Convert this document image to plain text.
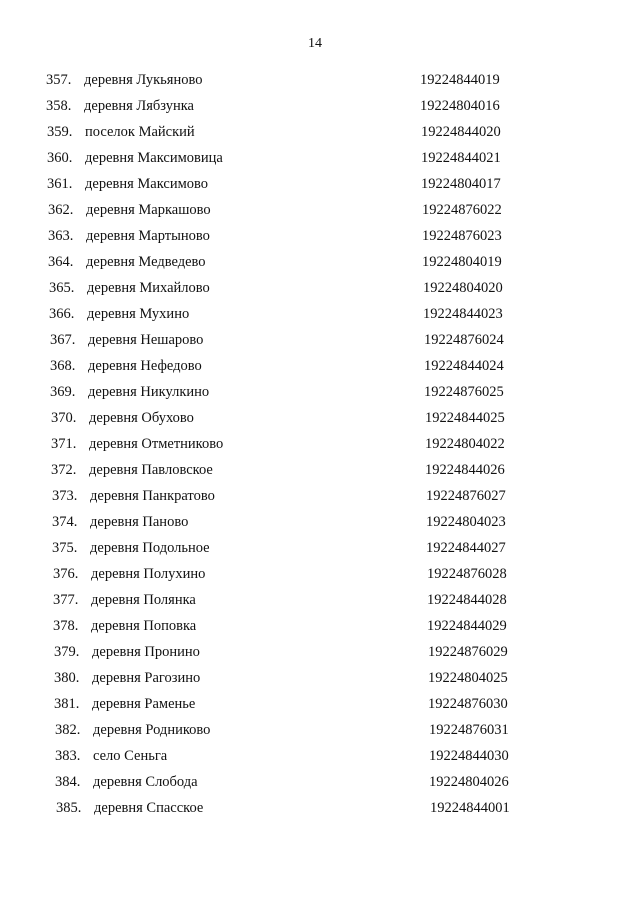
14
357. деревня Лукьяново	19224844019
358. деревня Лябзунка	19224804016
359. поселок Майский	19224844020
360. деревня Максимовица	19224844021
361. деревня Максимово	19224804017
362. деревня Маркашово	19224876022
363. деревня Мартыново	19224876023
364. деревня Медведево	19224804019
365. деревня Михайлово	19224804020
366. деревня Мухино	19224844023
367. деревня Нешарово	19224876024
368. деревня Нефедово	19224844024
369. деревня Никулкино	19224876025
370. деревня Обухово	19224844025
371. деревня Отметниково	19224804022
372. деревня Павловское	19224844026
373. деревня Панкратово	19224876027
374. деревня Паново	19224804023
375. деревня Подольное	19224844027
376. деревня Полухино	19224876028
377. деревня Полянка	19224844028
378. деревня Поповка	19224844029
379. деревня Пронино	19224876029
380. деревня Рагозино	19224804025
381. деревня Раменье	19224876030
382. деревня Родниково	19224876031
383. село Сеньга	19224844030
384. деревня Слобода	19224804026
385. деревня Спасское	19224844001
